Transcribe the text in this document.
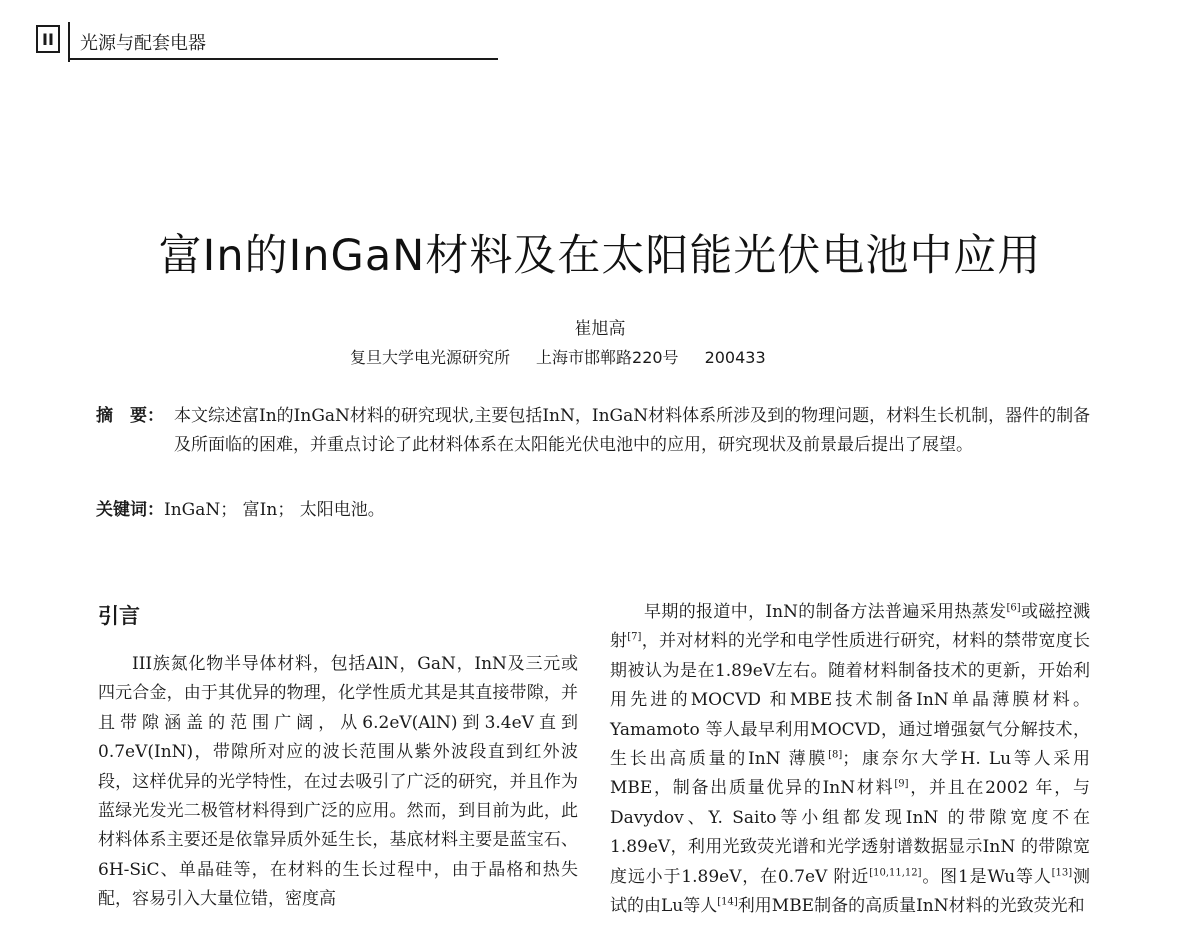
II	光源与配套电器
富In的InGaN材料及在太阳能光伏电池中应用
崔旭高
复旦大学电光源研究所 上海市邯郸路220号 200433
摘　要： 本文综述富In的InGaN材料的研究现状,主要包括InN，InGaN材料体系所涉及到的物理问题，材料生长机制，器件的制备及所面临的困难，并重点讨论了此材料体系在太阳能光伏电池中的应用，研究现状及前景最后提出了展望。
关键词：InGaN； 富In； 太阳电池。
引言
III族氮化物半导体材料，包括AlN，GaN，InN及三元或四元合金，由于其优异的物理，化学性质尤其是其直接带隙，并且带隙涵盖的范围广阔，从6.2eV(AlN)到3.4eV直到0.7eV(InN)，带隙所对应的波长范围从紫外波段直到红外波段，这样优异的光学特性，在过去吸引了广泛的研究，并且作为蓝绿光发光二极管材料得到广泛的应用。然而，到目前为此，此材料体系主要还是依靠异质外延生长，基底材料主要是蓝宝石、6H-SiC、单晶硅等，在材料的生长过程中，由于晶格和热失配，容易引入大量位错，密度高
早期的报道中，InN的制备方法普遍采用热蒸发[6]或磁控溅射[7]，并对材料的光学和电学性质进行研究，材料的禁带宽度长期被认为是在1.89eV左右。随着材料制备技术的更新，开始利用先进的MOCVD 和MBE技术制备InN单晶薄膜材料。Yamamoto 等人最早利用MOCVD，通过增强氨气分解技术，生长出高质量的InN 薄膜[8]；康奈尔大学H. Lu等人采用MBE，制备出质量优异的InN材料[9]，并且在2002 年，与Davydov、Y. Saito等小组都发现InN 的带隙宽度不在1.89eV，利用光致荧光谱和光学透射谱数据显示InN 的带隙宽度远小于1.89eV，在0.7eV 附近[10,11,12]。图1是Wu等人[13]测试的由Lu等人[14]利用MBE制备的高质量InN材料的光致荧光和
